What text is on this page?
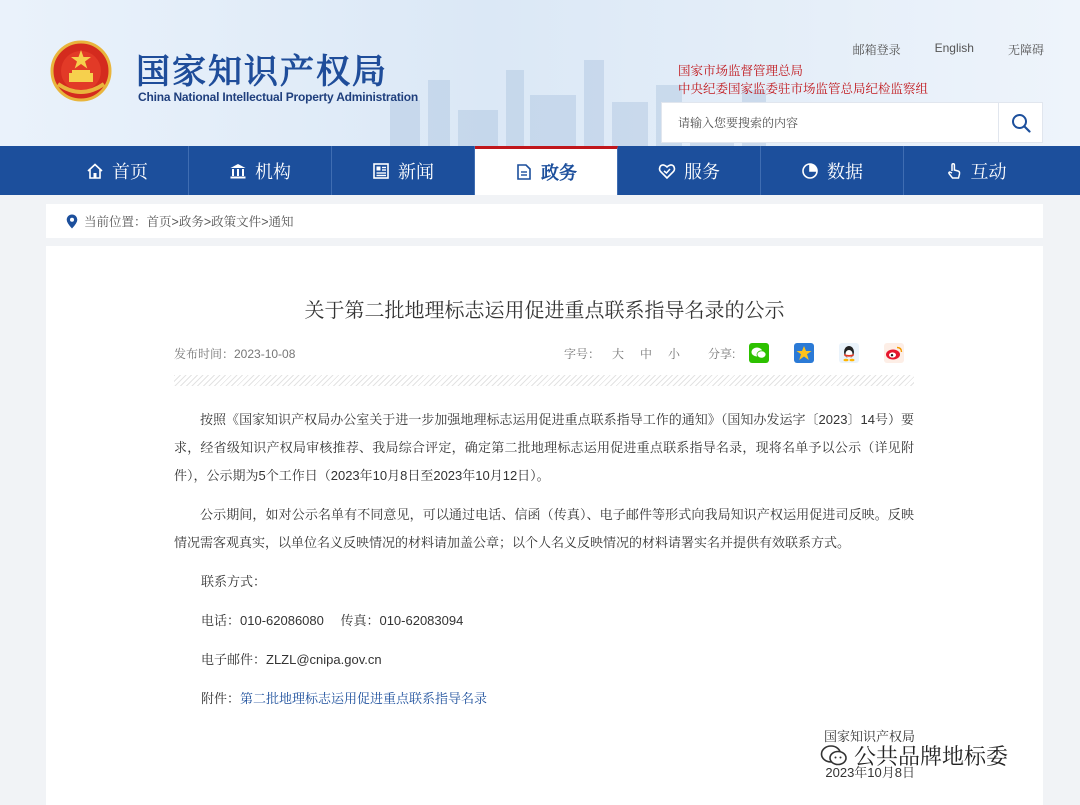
国家知识产权局
China National Intellectual Property Administration
邮箱登录	English	无障碍
国家市场监督管理总局
中央纪委国家监委驻市场监管总局纪检监察组
请输入您要搜索的内容
首页	机构	新闻	政务	服务	数据	互动
当前位置： 首页>政务>政策文件>通知
关于第二批地理标志运用促进重点联系指导名录的公示
发布时间：2023-10-08	字号： 大 中 小 分享:

按照《国家知识产权局办公室关于进一步加强地理标志运用促进重点联系指导工作的通知》（国知办发运字〔2023〕14号）要求，经省级知识产权局审核推荐、我局综合评定，确定第二批地理标志运用促进重点联系指导名录，现将名单予以公示（详见附件），公示期为5个工作日（2023年10月8日至2023年10月12日）。

公示期间，如对公示名单有不同意见，可以通过电话、信函（传真）、电子邮件等形式向我局知识产权运用促进司反映。反映情况需客观真实，以单位名义反映情况的材料请加盖公章；以个人名义反映情况的材料请署实名并提供有效联系方式。

联系方式：

电话：010-62086080　 传真：010-62083094

电子邮件：ZLZL@cnipa.gov.cn

附件：第二批地理标志运用促进重点联系指导名录

国家知识产权局
2023年10月8日
公共品牌地标委
